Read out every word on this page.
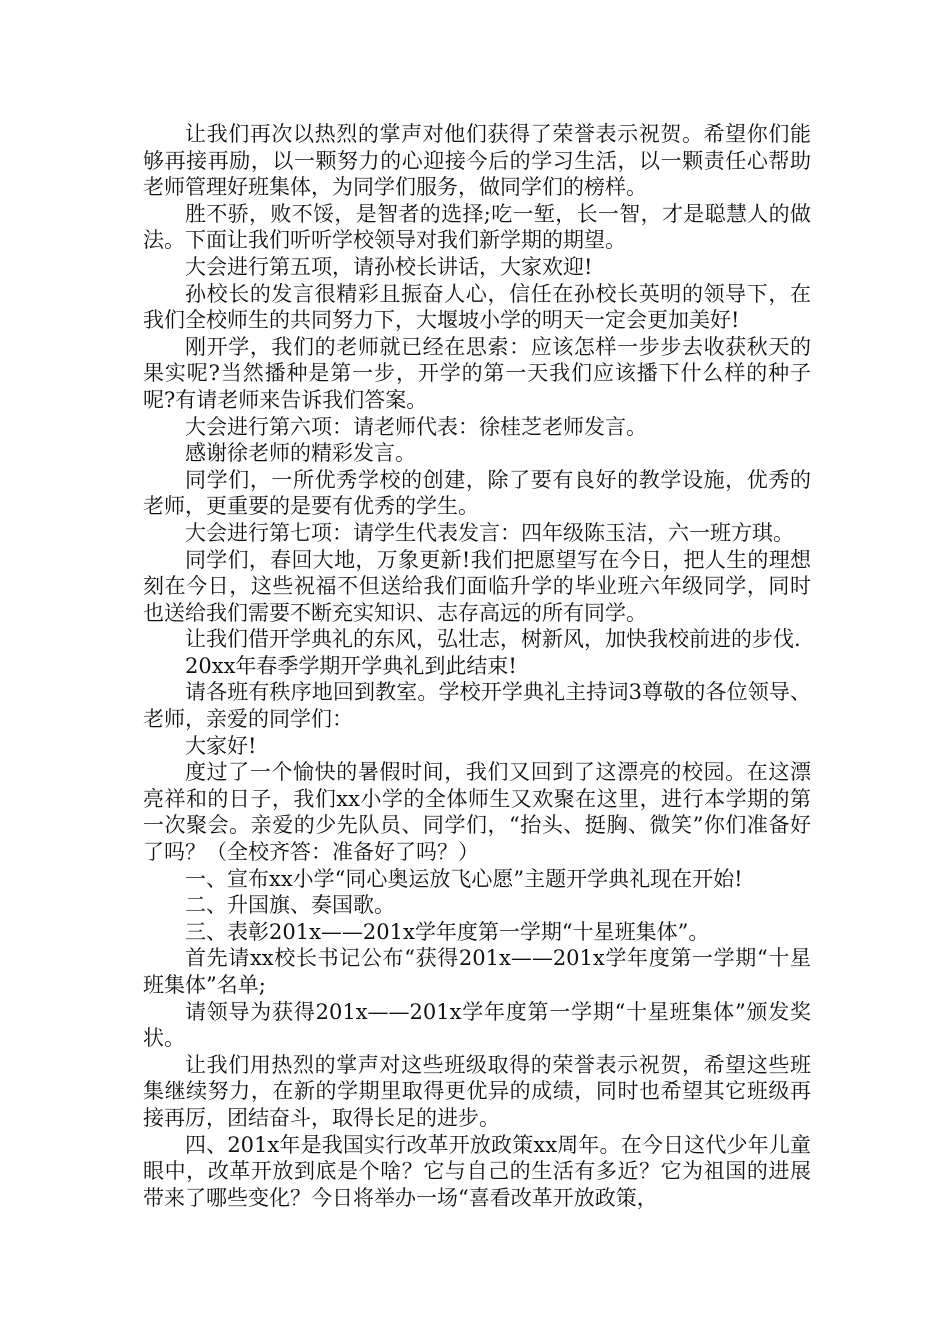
让我们再次以热烈的掌声对他们获得了荣誉表示祝贺。希望你们能够再接再励，以一颗努力的心迎接今后的学习生活，以一颗责任心帮助老师管理好班集体，为同学们服务，做同学们的榜样。

胜不骄，败不馁，是智者的选择;吃一堑，长一智，才是聪慧人的做法。下面让我们听听学校领导对我们新学期的期望。

大会进行第五项，请孙校长讲话，大家欢迎!

孙校长的发言很精彩且振奋人心，信任在孙校长英明的领导下，在我们全校师生的共同努力下，大堰坡小学的明天一定会更加美好!

刚开学，我们的老师就已经在思索：应该怎样一步步去收获秋天的果实呢?当然播种是第一步，开学的第一天我们应该播下什么样的种子呢?有请老师来告诉我们答案。

大会进行第六项：请老师代表：徐桂芝老师发言。

感谢徐老师的精彩发言。

同学们，一所优秀学校的创建，除了要有良好的教学设施，优秀的老师，更重要的是要有优秀的学生。

大会进行第七项：请学生代表发言：四年级陈玉洁，六一班方琪。

同学们，春回大地，万象更新!我们把愿望写在今日，把人生的理想刻在今日，这些祝福不但送给我们面临升学的毕业班六年级同学，同时也送给我们需要不断充实知识、志存高远的所有同学。

让我们借开学典礼的东风，弘壮志，树新风，加快我校前进的步伐.

20xx年春季学期开学典礼到此结束!

请各班有秩序地回到教室。学校开学典礼主持词3尊敬的各位领导、老师，亲爱的同学们：

大家好!

度过了一个愉快的暑假时间，我们又回到了这漂亮的校园。在这漂亮祥和的日子，我们xx小学的全体师生又欢聚在这里，进行本学期的第一次聚会。亲爱的少先队员、同学们，“抬头、挺胸、微笑”你们准备好了吗？（全校齐答：准备好了吗？）

一、宣布xx小学“同心奥运放飞心愿”主题开学典礼现在开始!

二、升国旗、奏国歌。

三、表彰201x——201x学年度第一学期“十星班集体”。

首先请xx校长书记公布“获得201x——201x学年度第一学期“十星班集体”名单;

请领导为获得201x——201x学年度第一学期“十星班集体”颁发奖状。

让我们用热烈的掌声对这些班级取得的荣誉表示祝贺，希望这些班集继续努力，在新的学期里取得更优异的成绩，同时也希望其它班级再接再厉，团结奋斗，取得长足的进步。

四、201x年是我国实行改革开放政策xx周年。在今日这代少年儿童眼中，改革开放到底是个啥？它与自己的生活有多近？它为祖国的进展带来了哪些变化？今日将举办一场“喜看改革开放政策，
